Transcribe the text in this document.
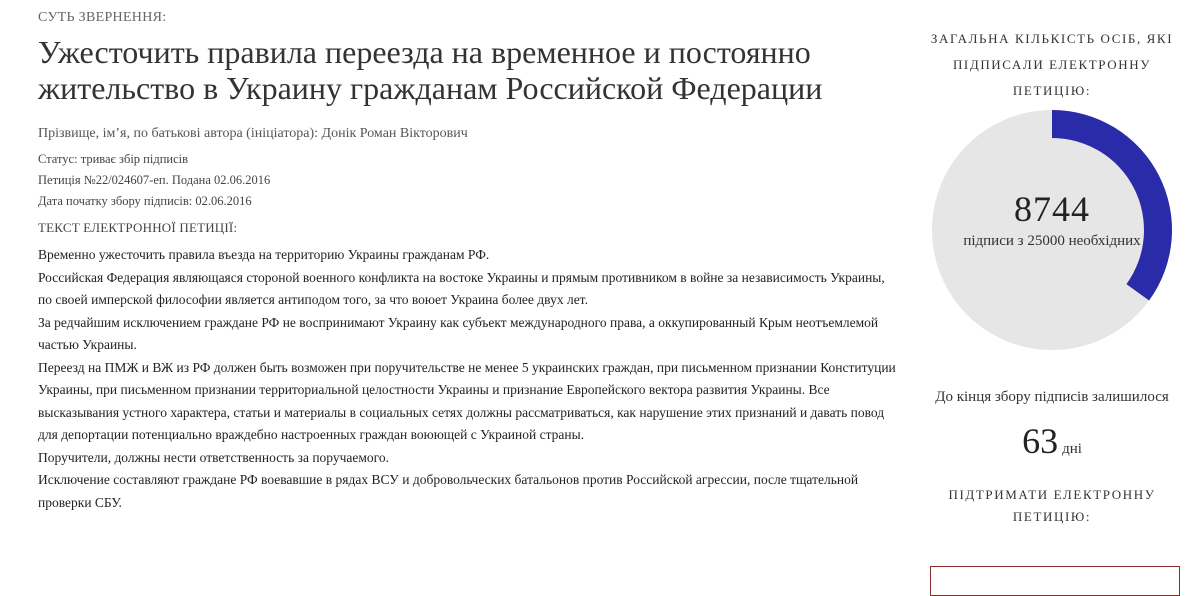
СУТЬ ЗВЕРНЕННЯ:
Ужесточить правила переезда на временное и постоянно жительство в Украину гражданам Российской Федерации
Прізвище, ім’я, по батькові автора (ініціатора): Донік Роман Вікторович
Статус: триває збір підписів
Петиція №22/024607-еп. Подана 02.06.2016
Дата початку збору підписів: 02.06.2016
ТЕКСТ ЕЛЕКТРОННОЇ ПЕТИЦІЇ:

Временно ужесточить правила въезда на территорию Украины гражданам РФ.

Российская Федерация являющаяся стороной военного конфликта на востоке Украины и прямым противником в войне за независимость Украины, по своей имперской философии является антиподом того, за что воюет Украина более двух лет.

За редчайшим исключением граждане РФ не воспринимают Украину как субъект международного права, а оккупированный Крым неотъемлемой частью Украины.

Переезд на ПМЖ и ВЖ из РФ должен быть возможен при поручительстве не менее 5 украинских граждан, при письменном признании Конституции Украины, при письменном признании территориальной целостности Украины и признание Европейского вектора развития Украины. Все высказывания устного характера, статьи и материалы в социальных сетях должны рассматриваться, как нарушение этих признаний и давать повод для депортации потенциально враждебно настроенных граждан воюющей с Украиной страны.

Поручители, должны нести ответственность за поручаемого.

Исключение составляют граждане РФ воевавшие в рядах ВСУ и добровольческих батальонов против Российской агрессии, после тщательной проверки СБУ.

ЗАГАЛЬНА КІЛЬКІСТЬ ОСІБ, ЯКІ ПІДПИСАЛИ ЕЛЕКТРОННУ ПЕТИЦІЮ:
8744
підписи з 25000 необхідних
До кінця збору підписів залишилося
63 дні
ПІДТРИМАТИ ЕЛЕКТРОННУ ПЕТИЦІЮ:
